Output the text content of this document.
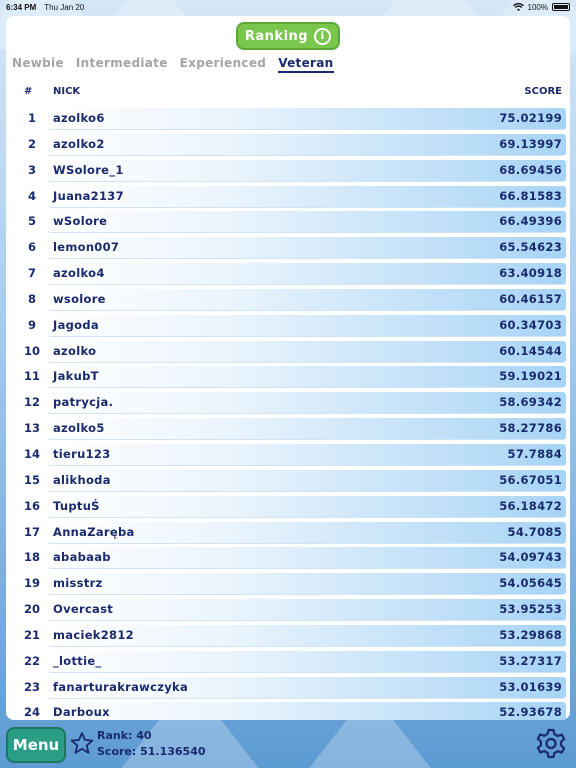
6:34 PM Thu Jan 20	100%
Ranking	i
Newbie Intermediate Experienced Veteran
# NICK	SCORE
1	azolko6	75.02199
2	azolko2	69.13997
3	WSolore_1	68.69456
4	Juana2137	66.81583
5	wSolore	66.49396
6	lemon007	65.54623
7	azolko4	63.40918
8	wsolore	60.46157
9	Jagoda	60.34703
10	azolko	60.14544
11	JakubT	59.19021
12	patrycja.	58.69342
13	azolko5	58.27786
14	tieru123	57.7884
15	alikhoda	56.67051
16	TuptuŚ	56.18472
17	AnnaZaręba	54.7085
18	ababaab	54.09743
19	misstrz	54.05645
20	Overcast	53.95253
21	maciek2812	53.29868
22	_lottie_	53.27317
23	fanarturakrawczyka	53.01639
24	Darboux	52.93678
Menu
Rank: 40
Score: 51.136540
